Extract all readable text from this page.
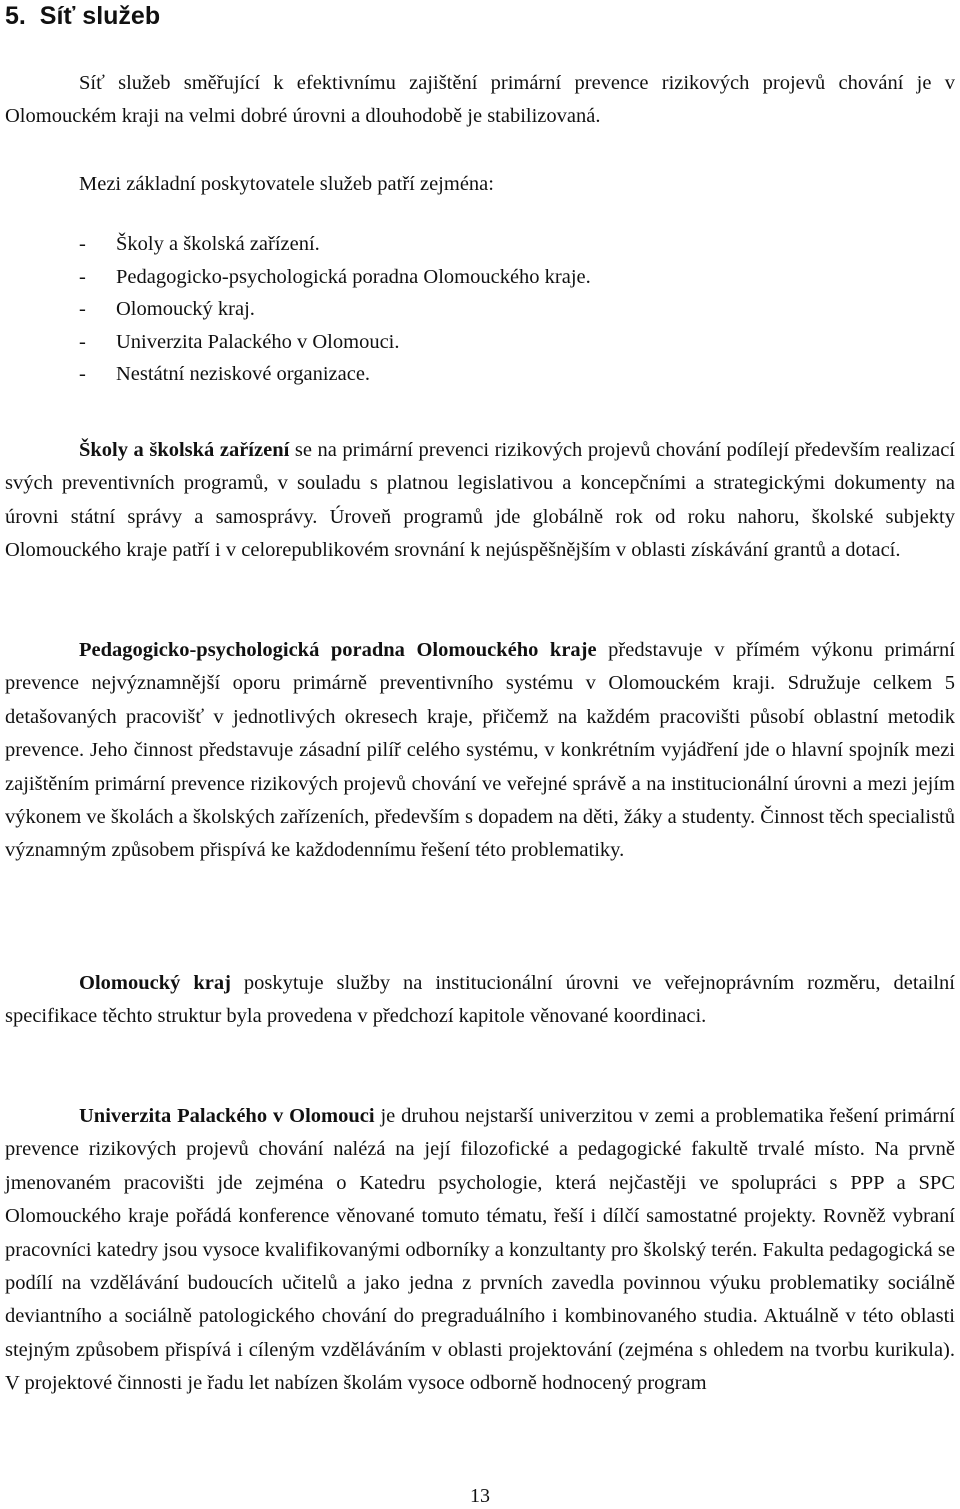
5. Síť služeb

Síť služeb směřující k efektivnímu zajištění primární prevence rizikových projevů chování je v Olomouckém kraji na velmi dobré úrovni a dlouhodobě je stabilizovaná.

Mezi základní poskytovatele služeb patří zejména:

- Školy a školská zařízení.
- Pedagogicko-psychologická poradna Olomouckého kraje.
- Olomoucký kraj.
- Univerzita Palackého v Olomouci.
- Nestátní neziskové organizace.

Školy a školská zařízení se na primární prevenci rizikových projevů chování podílejí především realizací svých preventivních programů, v souladu s platnou legislativou a koncepčními a strategickými dokumenty na úrovni státní správy a samosprávy. Úroveň programů jde globálně rok od roku nahoru, školské subjekty Olomouckého kraje patří i v celorepublikovém srovnání k nejúspěšnějším v oblasti získávání grantů a dotací.

Pedagogicko-psychologická poradna Olomouckého kraje představuje v přímém výkonu primární prevence nejvýznamnější oporu primárně preventivního systému v Olomouckém kraji. Sdružuje celkem 5 detašovaných pracovišť v jednotlivých okresech kraje, přičemž na každém pracovišti působí oblastní metodik prevence. Jeho činnost představuje zásadní pilíř celého systému, v konkrétním vyjádření jde o hlavní spojník mezi zajištěním primární prevence rizikových projevů chování ve veřejné správě a na institucionální úrovni a mezi jejím výkonem ve školách a školských zařízeních, především s dopadem na děti, žáky a studenty. Činnost těch specialistů významným způsobem přispívá ke každodennímu řešení této problematiky.

Olomoucký kraj poskytuje služby na institucionální úrovni ve veřejnoprávním rozměru, detailní specifikace těchto struktur byla provedena v předchozí kapitole věnované koordinaci.

Univerzita Palackého v Olomouci je druhou nejstarší univerzitou v zemi a problematika řešení primární prevence rizikových projevů chování nalézá na její filozofické a pedagogické fakultě trvalé místo. Na prvně jmenovaném pracovišti jde zejména o Katedru psychologie, která nejčastěji ve spolupráci s PPP a SPC Olomouckého kraje pořádá konference věnované tomuto tématu, řeší i dílčí samostatné projekty. Rovněž vybraní pracovníci katedry jsou vysoce kvalifikovanými odborníky a konzultanty pro školský terén. Fakulta pedagogická se podílí na vzdělávání budoucích učitelů a jako jedna z prvních zavedla povinnou výuku problematiky sociálně deviantního a sociálně patologického chování do pregraduálního i kombinovaného studia. Aktuálně v této oblasti stejným způsobem přispívá i cíleným vzděláváním v oblasti projektování (zejména s ohledem na tvorbu kurikula). V projektové činnosti je řadu let nabízen školám vysoce odborně hodnocený program

13
